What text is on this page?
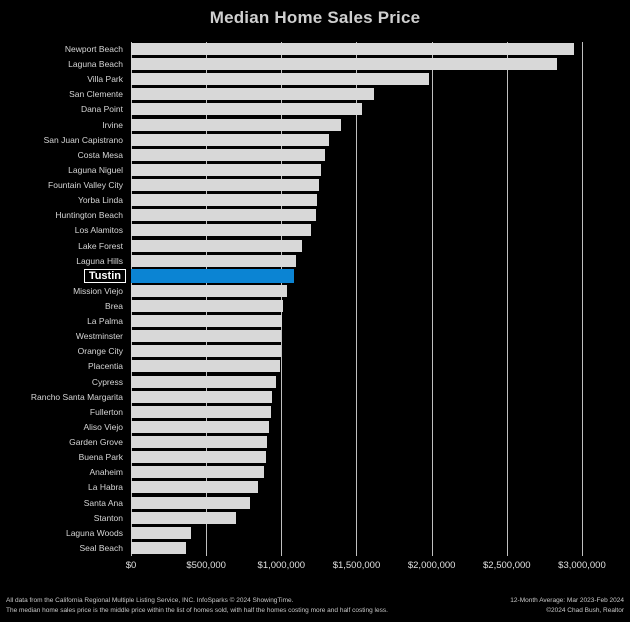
Median Home Sales Price
Newport Beach
Laguna Beach
Villa Park
San Clemente
Dana Point
Irvine
San Juan Capistrano
Costa Mesa
Laguna Niguel
Fountain Valley City
Yorba Linda
Huntington Beach
Los Alamitos
Lake Forest
Laguna Hills
Tustin
Mission Viejo
Brea
La Palma
Westminster
Orange City
Placentia
Cypress
Rancho Santa Margarita
Fullerton
Aliso Viejo
Garden Grove
Buena Park
Anaheim
La Habra
Santa Ana
Stanton
Laguna Woods
Seal Beach
$0	$500,000	$1,000,000	$1,500,000	$2,000,000	$2,500,000	$3,000,000
All data from the California Regional Multiple Listing Service, INC. InfoSparks © 2024 ShowingTime.	12-Month Average: Mar 2023-Feb 2024
The median home sales price is the middle price within the list of homes sold, with half the homes costing more and half costing less.	©2024 Chad Bush, Realtor
